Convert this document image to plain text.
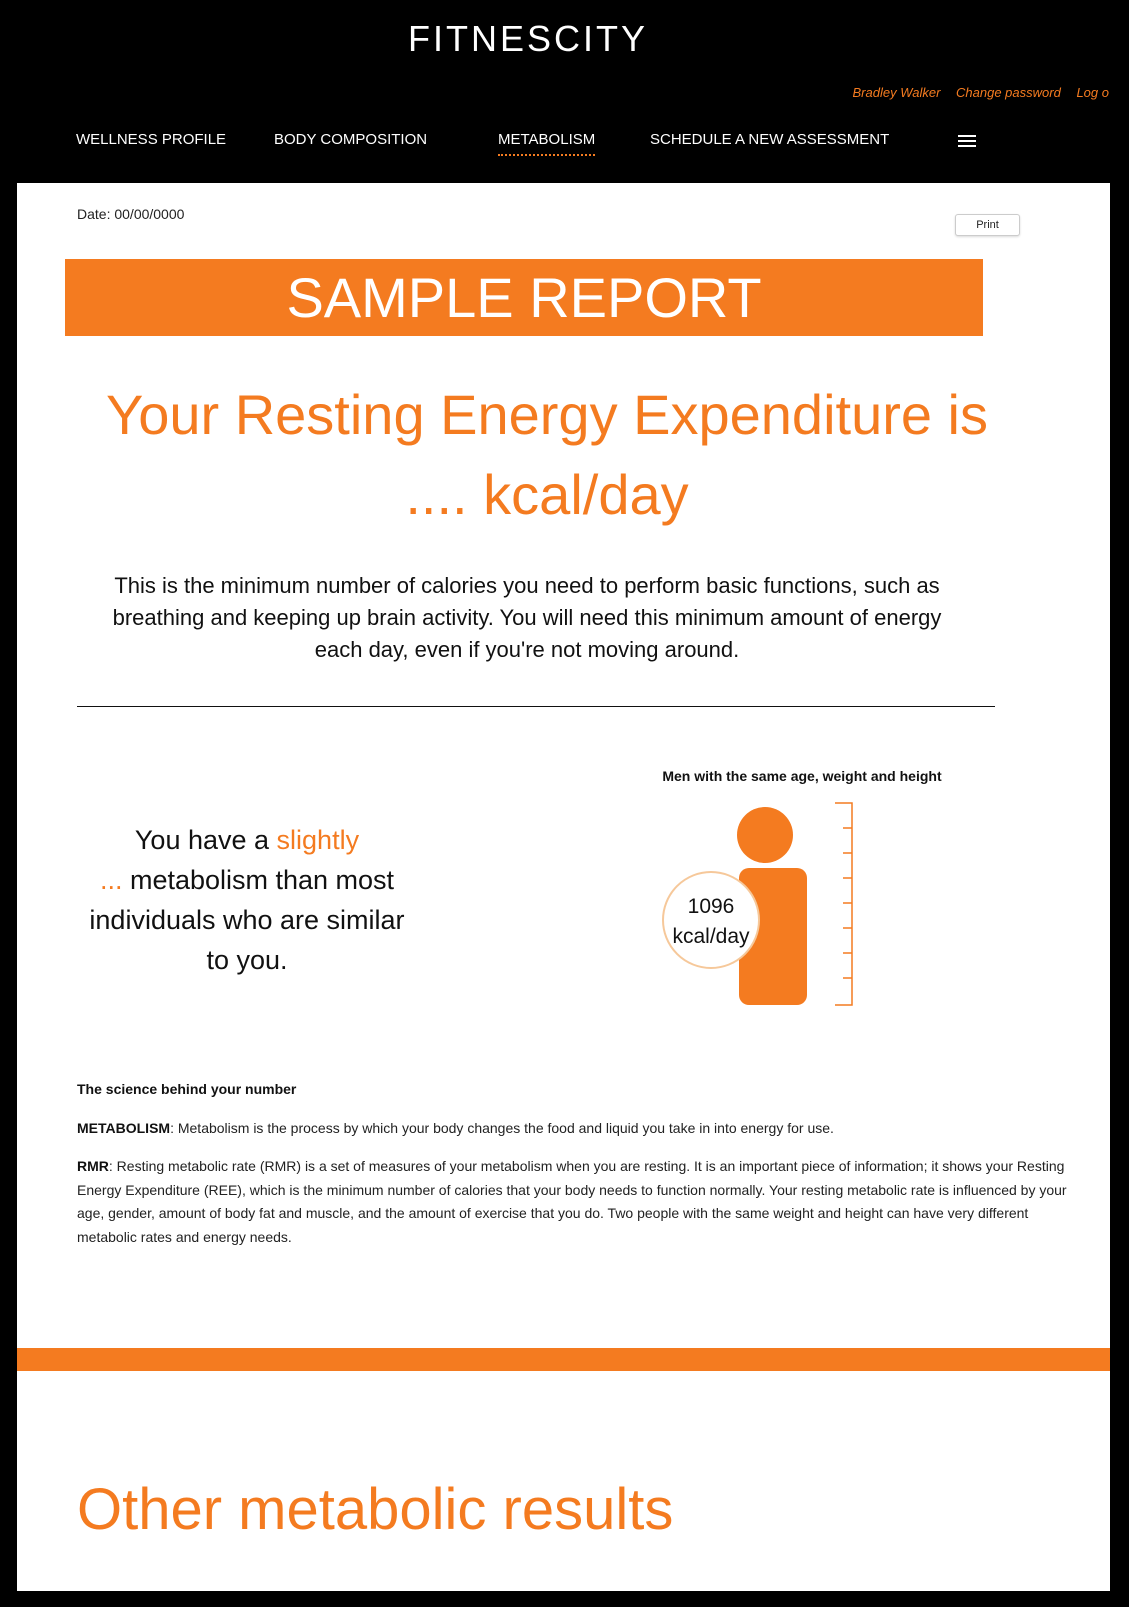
FITNESCITY
Bradley Walker Change password Log o
WELLNESS PROFILE	BODY COMPOSITION	METABOLISM	SCHEDULE A NEW ASSESSMENT
Date: 00/00/0000
Print
SAMPLE REPORT
Your Resting Energy Expenditure is
.... kcal/day
This is the minimum number of calories you need to perform basic functions, such as
breathing and keeping up brain activity. You will need this minimum amount of energy
each day, even if you're not moving around.
Men with the same age, weight and height
You have a slightly
... metabolism than most
individuals who are similar
to you.
1096
kcal/day
The science behind your number
METABOLISM: Metabolism is the process by which your body changes the food and liquid you take in into energy for use.
RMR: Resting metabolic rate (RMR) is a set of measures of your metabolism when you are resting. It is an important piece of information; it shows your Resting Energy Expenditure (REE), which is the minimum number of calories that your body needs to function normally. Your resting metabolic rate is influenced by your age, gender, amount of body fat and muscle, and the amount of exercise that you do. Two people with the same weight and height can have very different metabolic rates and energy needs.
Other metabolic results
